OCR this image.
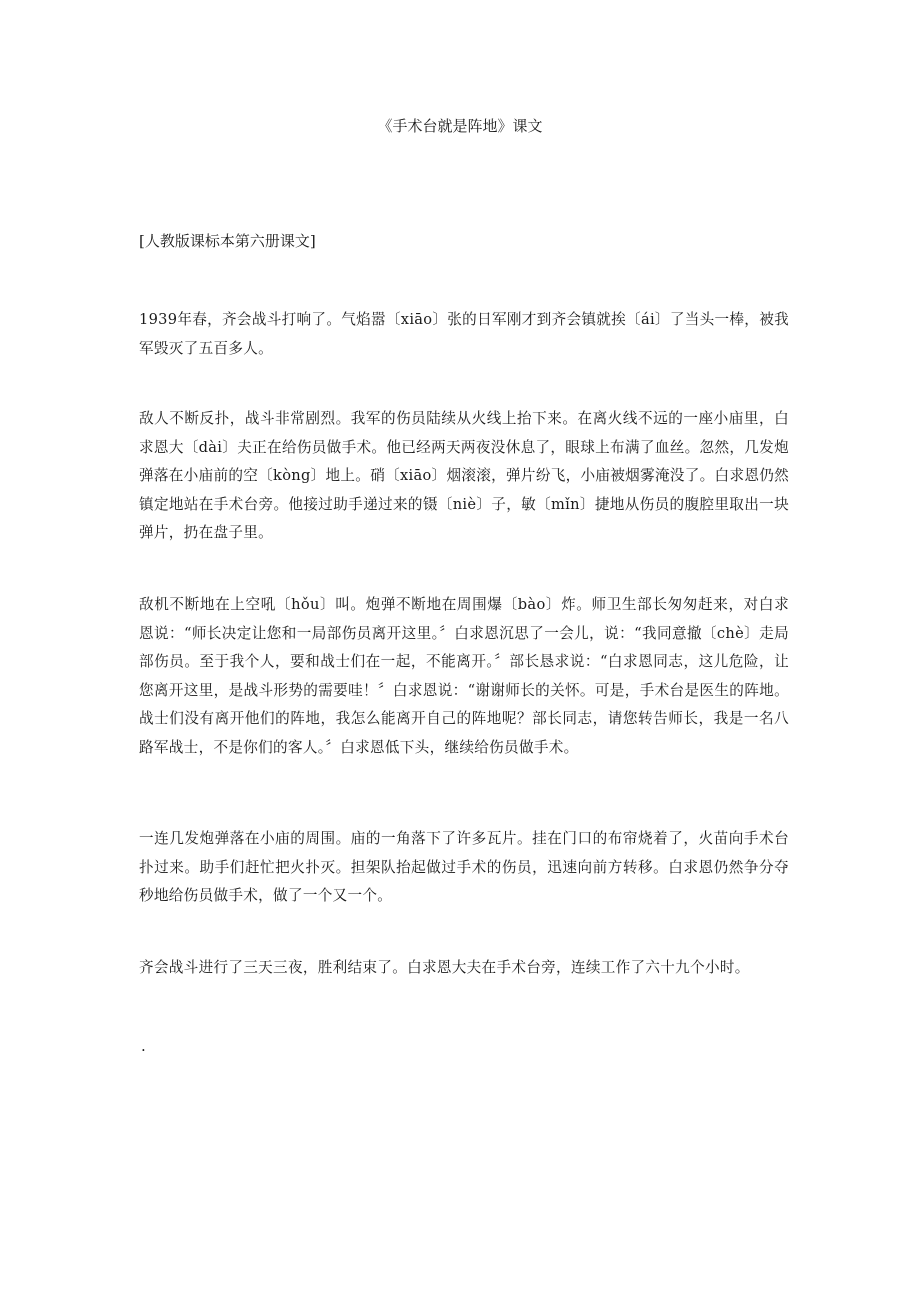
《手术台就是阵地》课文
[人教版课标本第六册课文]

1939年春，齐会战斗打响了。气焰嚣〔xiāo〕张的日军刚才到齐会镇就挨〔ái〕了当头一棒，被我军毁灭了五百多人。

敌人不断反扑，战斗非常剧烈。我军的伤员陆续从火线上抬下来。在离火线不远的一座小庙里，白求恩大〔dài〕夫正在给伤员做手术。他已经两天两夜没休息了，眼球上布满了血丝。忽然，几发炮弹落在小庙前的空〔kòng〕地上。硝〔xiāo〕烟滚滚，弹片纷飞，小庙被烟雾淹没了。白求恩仍然镇定地站在手术台旁。他接过助手递过来的镊〔niè〕子，敏〔mǐn〕捷地从伤员的腹腔里取出一块弹片，扔在盘子里。

敌机不断地在上空吼〔hǒu〕叫。炮弹不断地在周围爆〔bào〕炸。师卫生部长匆匆赶来，对白求恩说：“师长决定让您和一局部伤员离开这里。〞白求恩沉思了一会儿，说：“我同意撤〔chè〕走局部伤员。至于我个人，要和战士们在一起，不能离开。〞部长恳求说：“白求恩同志，这儿危险，让您离开这里，是战斗形势的需要哇！〞白求恩说：“谢谢师长的关怀。可是，手术台是医生的阵地。战士们没有离开他们的阵地，我怎么能离开自己的阵地呢？部长同志，请您转告师长，我是一名八路军战士，不是你们的客人。〞白求恩低下头，继续给伤员做手术。

一连几发炮弹落在小庙的周围。庙的一角落下了许多瓦片。挂在门口的布帘烧着了，火苗向手术台扑过来。助手们赶忙把火扑灭。担架队抬起做过手术的伤员，迅速向前方转移。白求恩仍然争分夺秒地给伤员做手术，做了一个又一个。

齐会战斗进行了三天三夜，胜利结束了。白求恩大夫在手术台旁，连续工作了六十九个小时。

.
